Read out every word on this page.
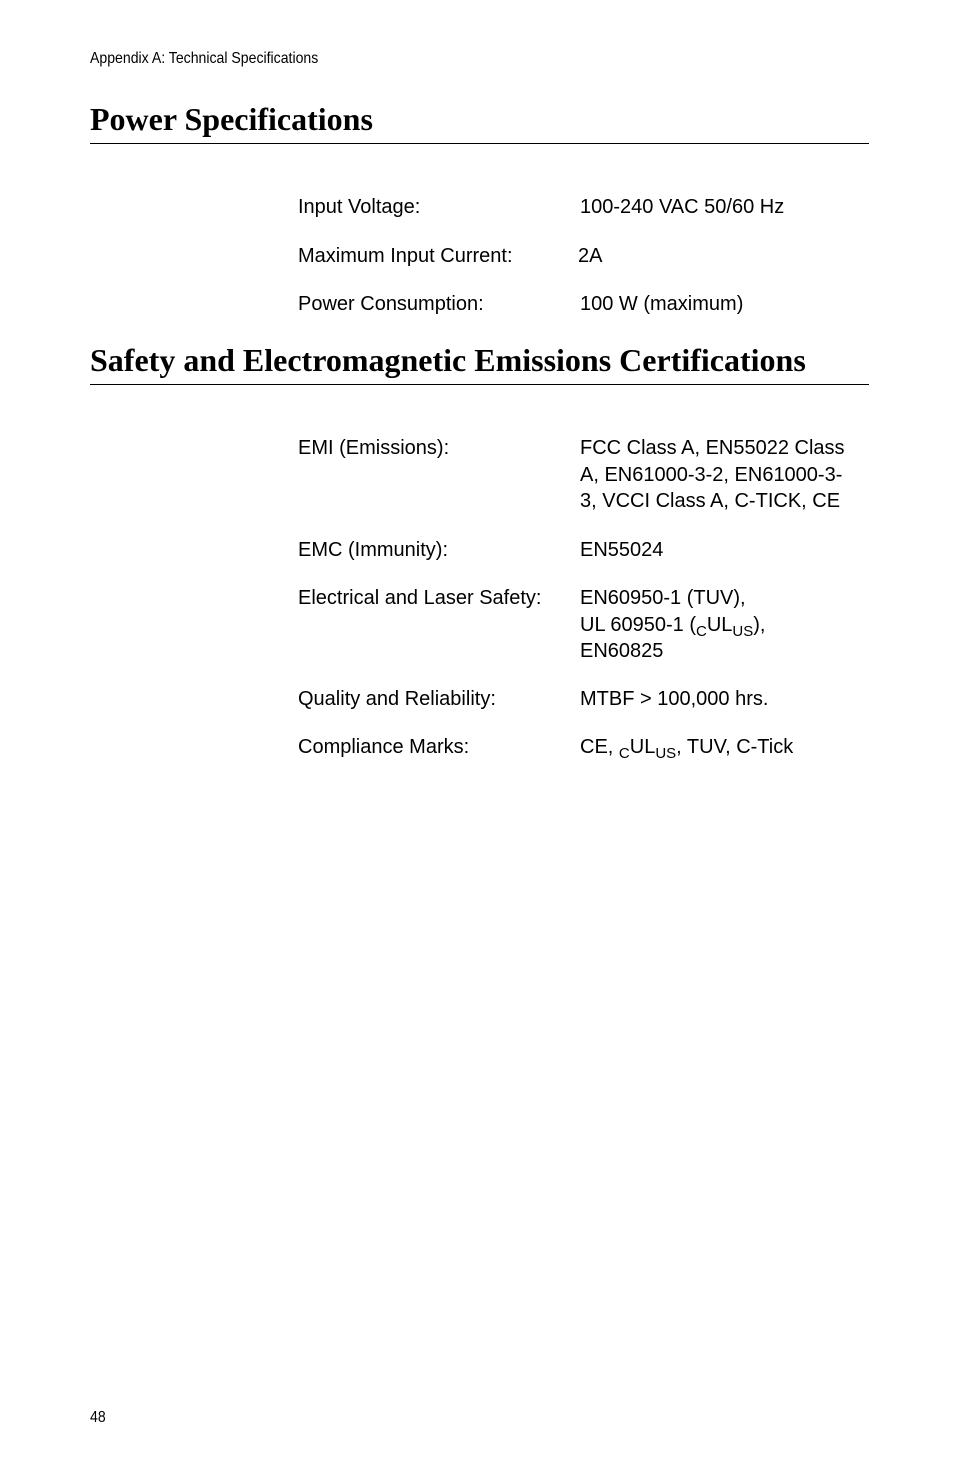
Appendix A: Technical Specifications
Power Specifications
Input Voltage:	100-240 VAC 50/60 Hz
Maximum Input Current:	2A
Power Consumption:	100 W (maximum)
Safety and Electromagnetic Emissions Certifications
EMI (Emissions):	FCC Class A, EN55022 Class
A, EN61000-3-2, EN61000-3-
3, VCCI Class A, C-TICK, CE
EMC (Immunity):	EN55024
Electrical and Laser Safety: EN60950-1 (TUV),
UL 60950-1 $(_CUL_{US})$,
EN60825
Quality and Reliability:	MTBF > 100,000 hrs.
Compliance Marks:	CE, $_CUL_{US}$, TUV, C-Tick
48
